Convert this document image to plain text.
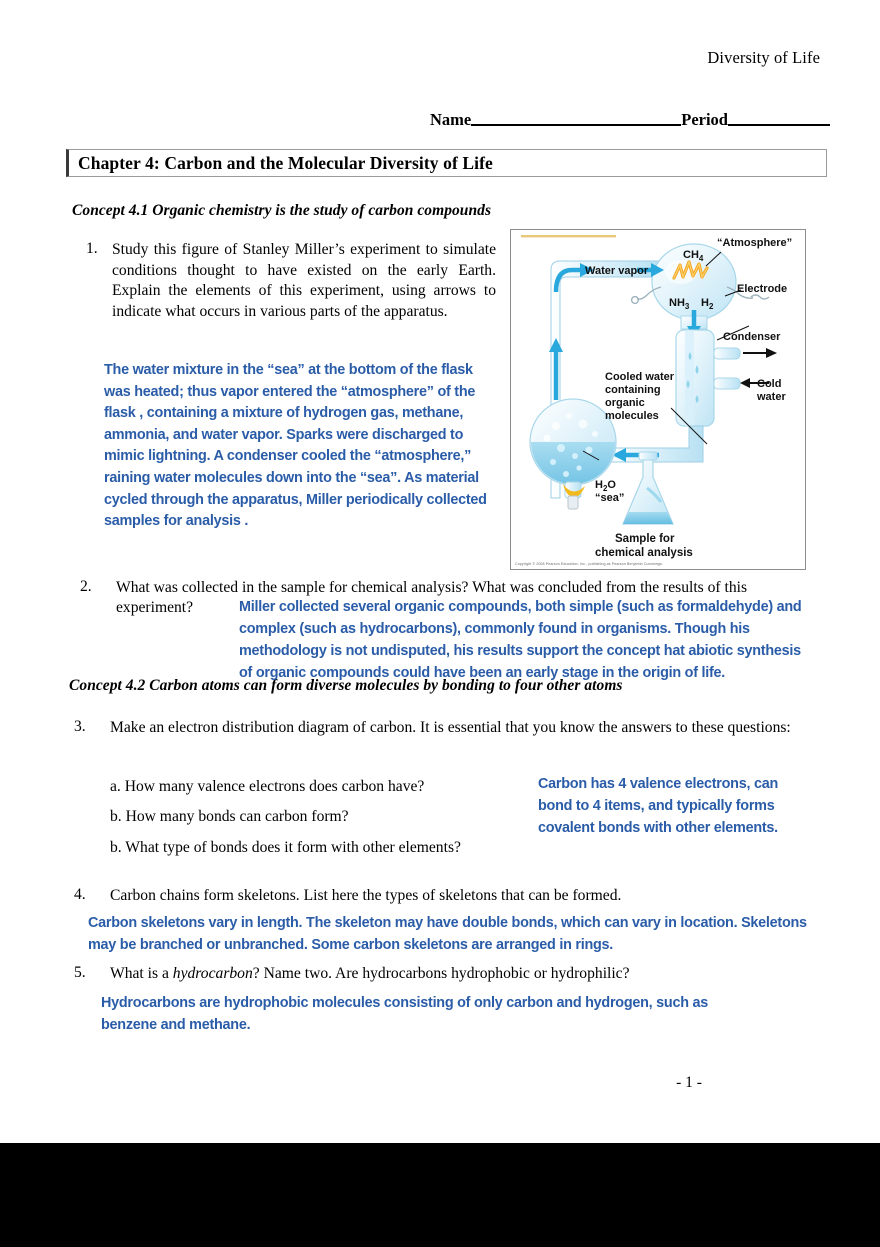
Diversity of Life
Name	Period
Chapter 4: Carbon and the Molecular Diversity of Life
Concept 4.1 Organic chemistry is the study of carbon compounds
Concept 4.2 Carbon atoms can form diverse molecules by bonding to four other atoms
1. Study this figure of Stanley Miller’s experiment to simulate conditions thought to have existed on the early Earth. Explain the elements of this experiment, using arrows to indicate what occurs in various parts of the apparatus.
The water mixture in the “sea” at the bottom of the flask was heated; thus vapor entered the “atmosphere” of the flask , containing a mixture of hydrogen gas, methane, ammonia, and water vapor. Sparks were discharged to mimic lightning. A condenser cooled the “atmosphere,” raining water molecules down into the “sea”. As material cycled through the apparatus, Miller periodically collected samples for analysis .
“Atmosphere”
$CH_4$
Electrode
Water vapor
$NH_3$ $H_2$
Condenser
Cold
water
Cooled water
containing
organic
molecules
$H_2O$
“sea”
Sample for
chemical analysis
Copyright © 2008 Pearson Education, Inc., publishing as Pearson Benjamin Cummings.
2. What was collected in the sample for chemical analysis? What was concluded from the results of this
experiment?	Miller collected several organic compounds, both simple (such as formaldehyde) and complex (such as hydrocarbons), commonly found in organisms. Though his methodology is not undisputed, his results support the concept hat abiotic synthesis of organic compounds could have been an early stage in the origin of life.
3. Make an electron distribution diagram of carbon. It is essential that you know the answers to these questions:
a. How many valence electrons does carbon have?
b. How many bonds can carbon form?
b. What type of bonds does it form with other elements?
Carbon has 4 valence electrons, can bond to 4 items, and typically forms covalent bonds with other elements.
4. Carbon chains form skeletons. List here the types of skeletons that can be formed.
Carbon skeletons vary in length. The skeleton may have double bonds, which can vary in location. Skeletons may be branched or unbranched. Some carbon skeletons are arranged in rings.
5. What is a hydrocarbon? Name two. Are hydrocarbons hydrophobic or hydrophilic?
Hydrocarbons are hydrophobic molecules consisting of only carbon and hydrogen, such as benzene and methane.
- 1 -
